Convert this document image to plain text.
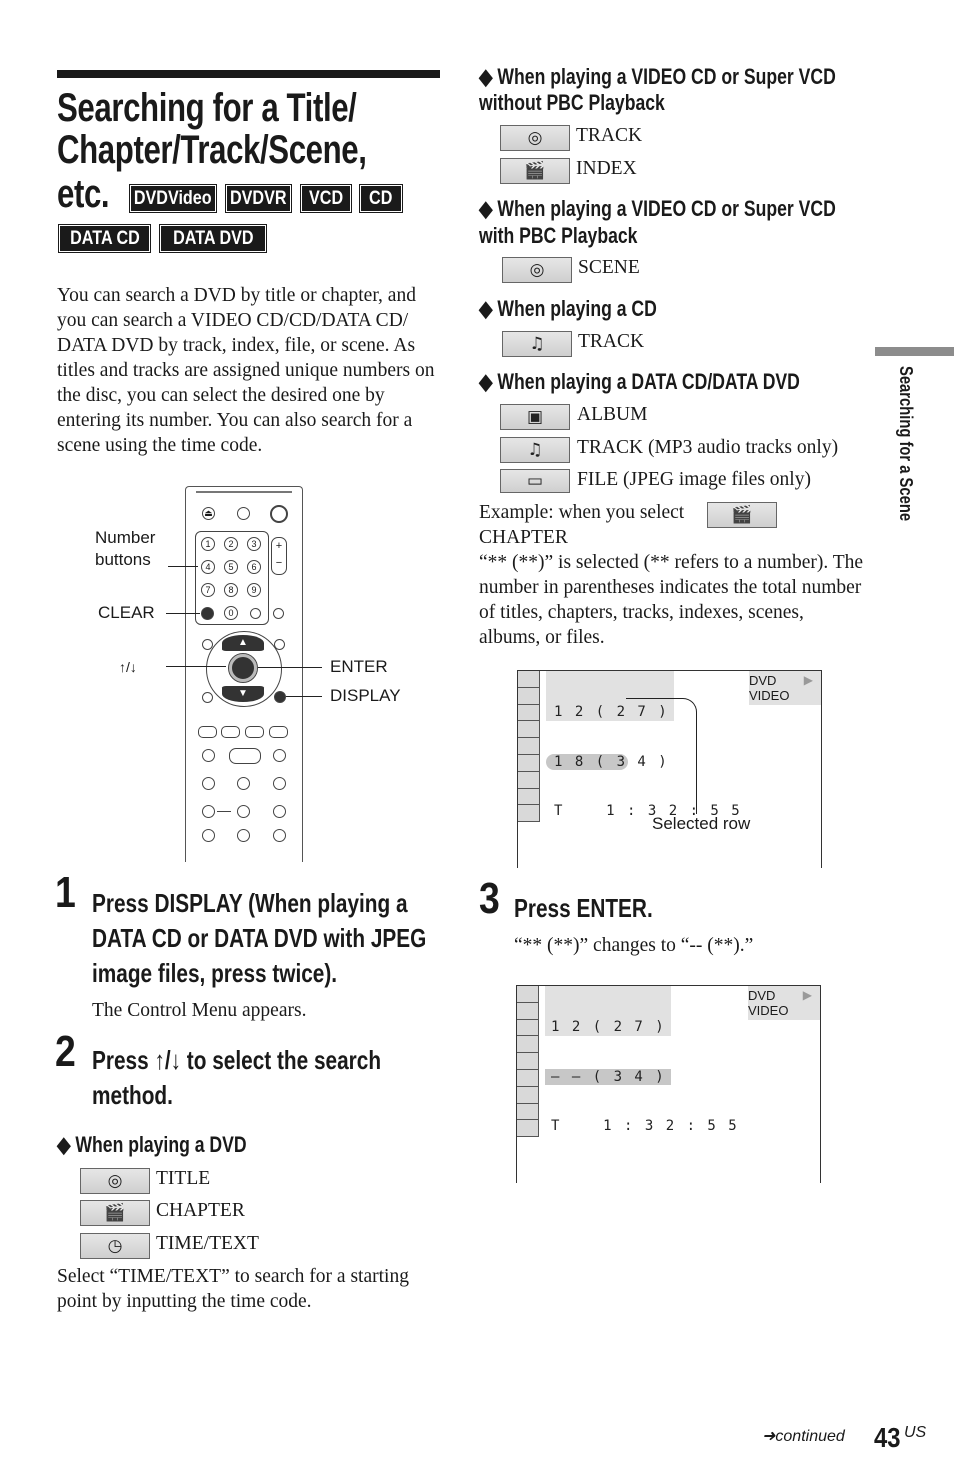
Searching for a Title/
Chapter/Track/Scene,
etc. DVDVideo DVDVR VCD CD
DATA CD DATA DVD
You can search a DVD by title or chapter, and you can search a VIDEO CD/CD/DATA CD/ DATA DVD by track, index, file, or scene. As titles and tracks are assigned unique numbers on the disc, you can select the desired one by entering its number. You can also search for a scene using the time code.
⏏
1	2	3
4	5	6
7	8	9
0
+
−
▲
▼
Number buttons
CLEAR
↑/↓	ENTER
DISPLAY
1 Press DISPLAY (When playing a
DATA CD or DATA DVD with JPEG
image files, press twice).
The Control Menu appears.
2 Press ↑/↓ to select the search
method.
◆ When playing a DVD
◎	TITLE
🎬	CHAPTER
◷	TIME/TEXT
Select “TIME/TEXT” to search for a starting point by inputting the time code.
◆ When playing a VIDEO CD or Super VCD
without PBC Playback
◎	TRACK
🎬	INDEX
◆ When playing a VIDEO CD or Super VCD
with PBC Playback
◎	SCENE
◆ When playing a CD
♫	TRACK
◆ When playing a DATA CD/DATA DVD
▣	ALBUM
♫	TRACK (MP3 audio tracks only)
▭	FILE (JPEG image files only)
Example: when you select	🎬
CHAPTER
“** (**)” is selected (** refers to a number). The number in parentheses indicates the total number of titles, chapters, tracks, indexes, scenes, albums, or files.

1 2 ( 2 7 )

1 8 ( 3 4 )

T    1 : 3 2 : 5 5

▶
DVD VIDEO
Selected row
3 Press ENTER.
“** (**)” changes to “-- (**).”

1 2 ( 2 7 )

– – ( 3 4 )

T    1 : 3 2 : 5 5

▶
DVD VIDEO
Searching for a Scene
➜continued 43 US
